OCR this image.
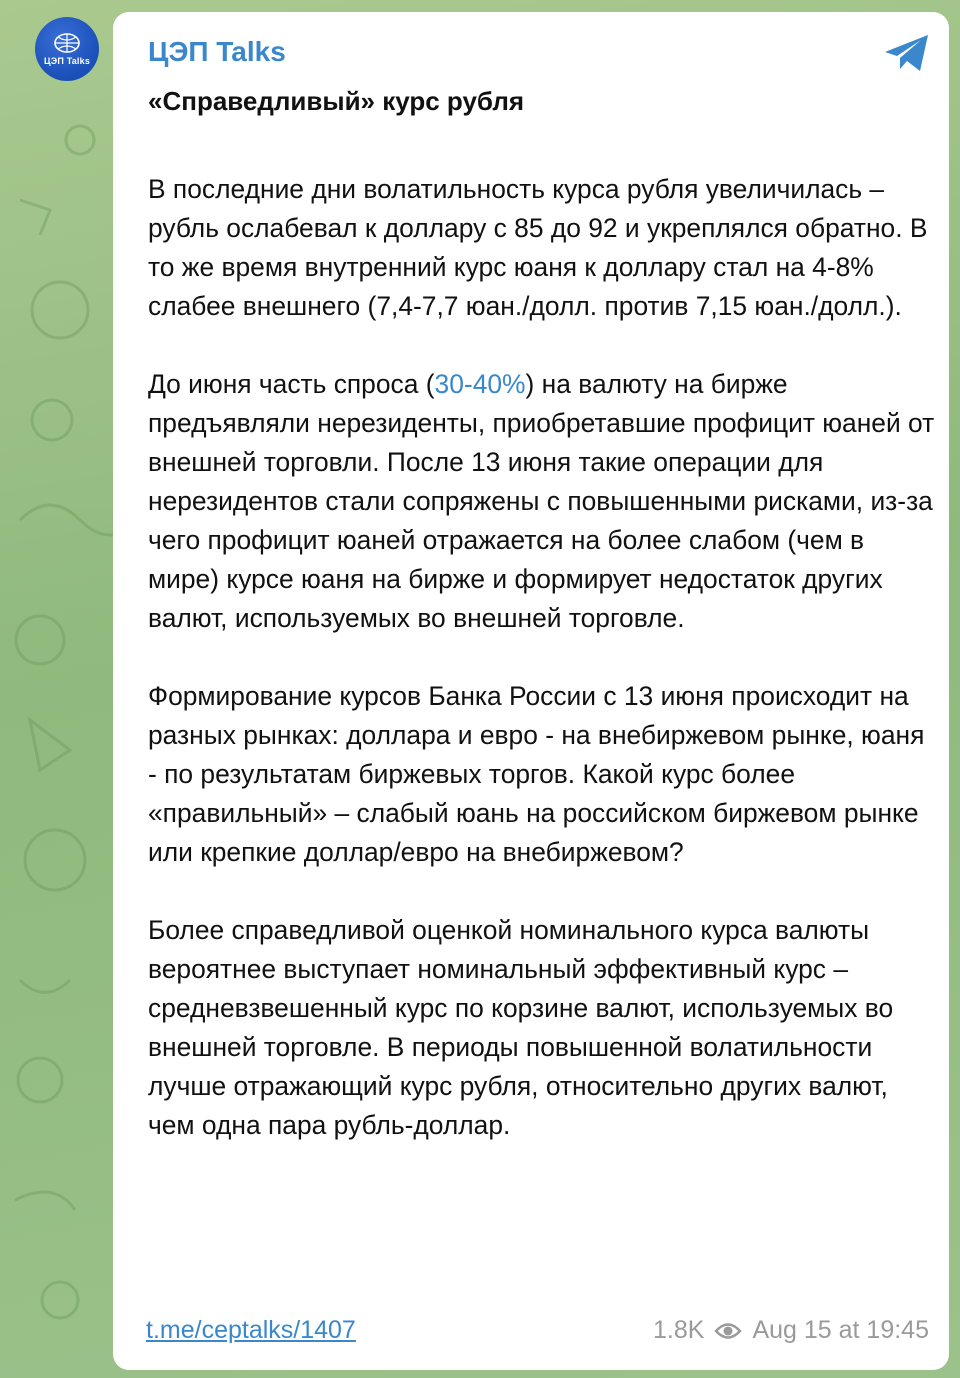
ЦЭП Talks ЦЭП Talks
«Справедливый» курс рубля

В последние дни волатильность курса рубля увеличилась – рубль ослабевал к доллару с 85 до 92 и укреплялся обратно. В то же время внутренний курс юаня к доллару стал на 4-8% слабее внешнего (7,4-7,7 юан./долл. против 7,15 юан./долл.).

До июня часть спроса (30-40%) на валюту на бирже предъявляли нерезиденты, приобретавшие профицит юаней от внешней торговли. После 13 июня такие операции для нерезидентов стали сопряжены с повышенными рисками, из-за чего профицит юаней отражается на более слабом (чем в мире) курсе юаня на бирже и формирует недостаток других валют, используемых во внешней торговле.

Формирование курсов Банка России с 13 июня происходит на разных рынках: доллара и евро - на внебиржевом рынке, юаня - по результатам биржевых торгов. Какой курс более «правильный» – слабый юань на российском биржевом рынке или крепкие доллар/евро на внебиржевом?

Более справедливой оценкой номинального курса валюты вероятнее выступает номинальный эффективный курс – средневзвешенный курс по корзине валют, используемых во внешней торговле. В периоды повышенной волатильности лучше отражающий курс рубля, относительно других валют, чем одна пара рубль-доллар.

t.me/ceptalks/1407	1.8K Aug 15 at 19:45
